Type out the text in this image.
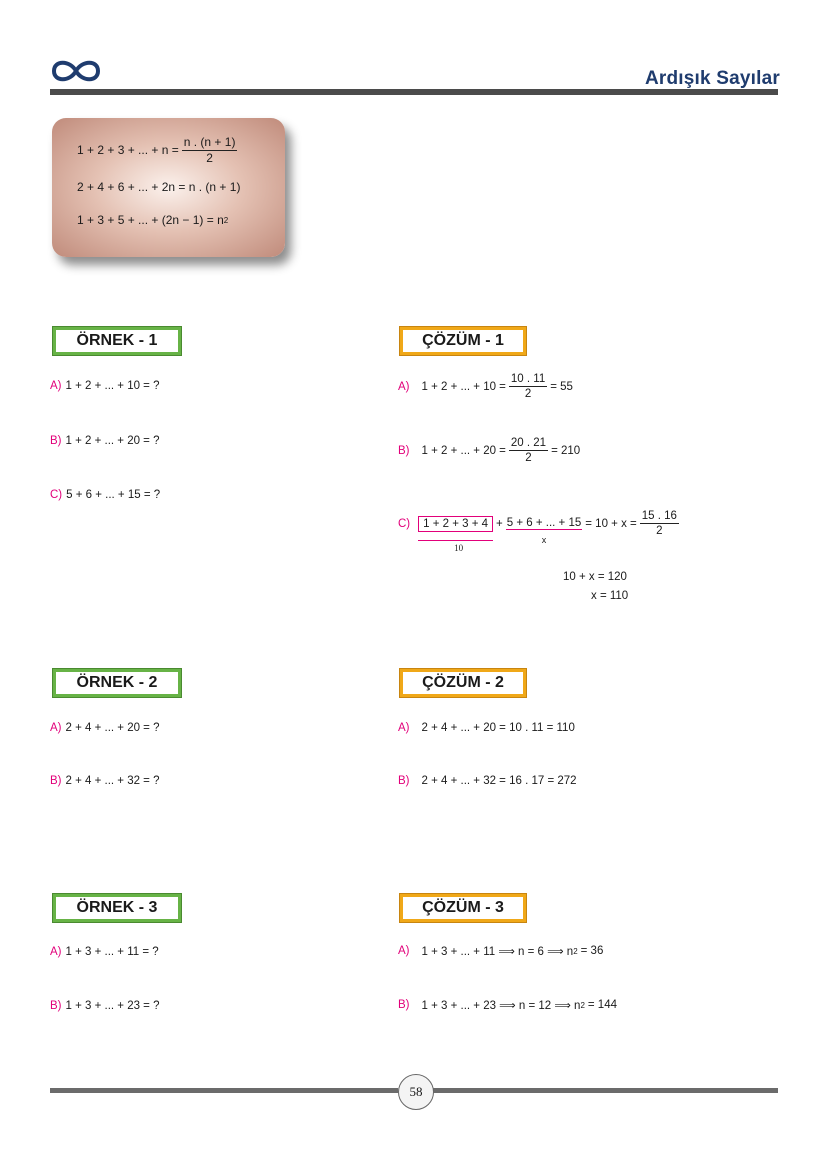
Ardışık Sayılar
1 + 2 + 3 + ... + $n = \frac{n . (n + 1)}{2}$
2 + 4 + 6 + ... + 2n = n . (n + 1)
1 + 3 + 5 + ... + (2n − 1) = n 2
ÖRNEK - 1
A) 1 + 2 + ... + 10 = ?
B) 1 + 2 + ... + 20 = ?
C) 5 + 6 + ... + 15 = ?
ÇÖZÜM - 1
A) 1 + 2 + ... + $10 = \frac{10 . 11}{2} = 55$
B) 1 + 2 + ... + $20 = \frac{20 . 21}{2} = 210$
C)	1 + 2 + 3 + 4
10
+ 5 + 6 + ... + 15
x
= $10 + x = \frac{15 . 16}{2}$
10 + x = 120
x = 110
ÖRNEK - 2
A) 2 + 4 + ... + 20 = ?
B) 2 + 4 + ... + 32 = ?
ÇÖZÜM - 2
A) 2 + 4 + ... + 20 = 10 . 11 = 110
B) 2 + 4 + ... + 32 = 16 . 17 = 272
ÖRNEK - 3
A) 1 + 3 + ... + 11 = ?
B) 1 + 3 + ... + 23 = ?
ÇÖZÜM - 3
A) 1 + 3 + ... + 11 ⟹ n = 6 ⟹ n 2 = 36
B) 1 + 3 + ... + 23 ⟹ n = 12 ⟹ n 2 = 144
58
